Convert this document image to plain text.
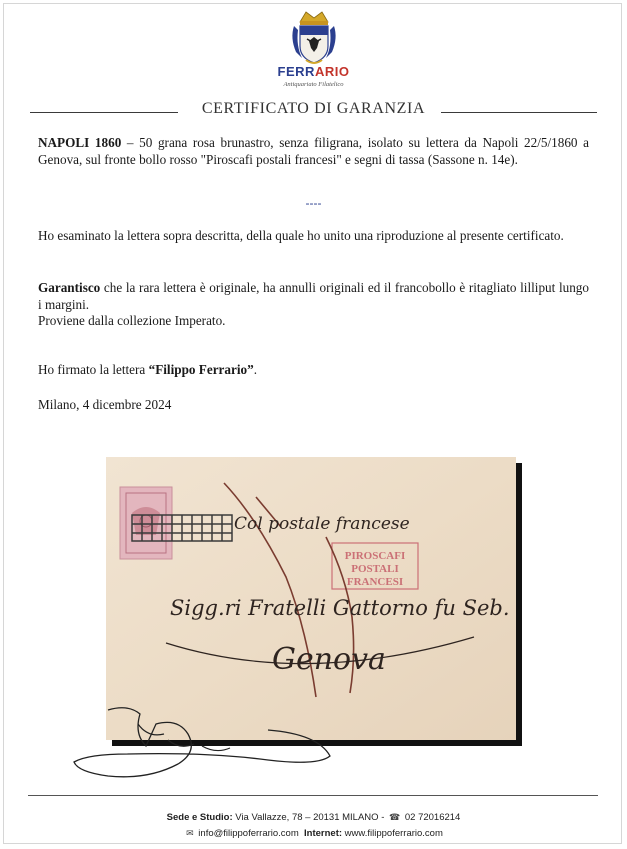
FERRARIO
Antiquariato Filatelico
CERTIFICATO DI GARANZIA

NAPOLI 1860 – 50 grana rosa brunastro, senza filigrana, isolato su lettera da Napoli 22/5/1860 a Genova, sul fronte bollo rosso "Piroscafi postali francesi" e segni di tassa (Sassone n. 14e).

----

Ho esaminato la lettera sopra descritta, della quale ho unito una riproduzione al presente certificato.

Garantisco che la rara lettera è originale, ha annulli originali ed il francobollo è ritagliato lilliput lungo i margini.

Proviene dalla collezione Imperato.

Ho firmato la lettera “Filippo Ferrario”.

Milano, 4 dicembre 2024

PIROSCAFI
POSTALI
FRANCESI
Col postale francese
Sigg.ri Fratelli Gattorno fu Seb.
Genova
Sede e Studio: Via Vallazze, 78 – 20131 MILANO - ☎ 02 72016214
✉ info@filippoferrario.com Internet: www.filippoferrario.com
